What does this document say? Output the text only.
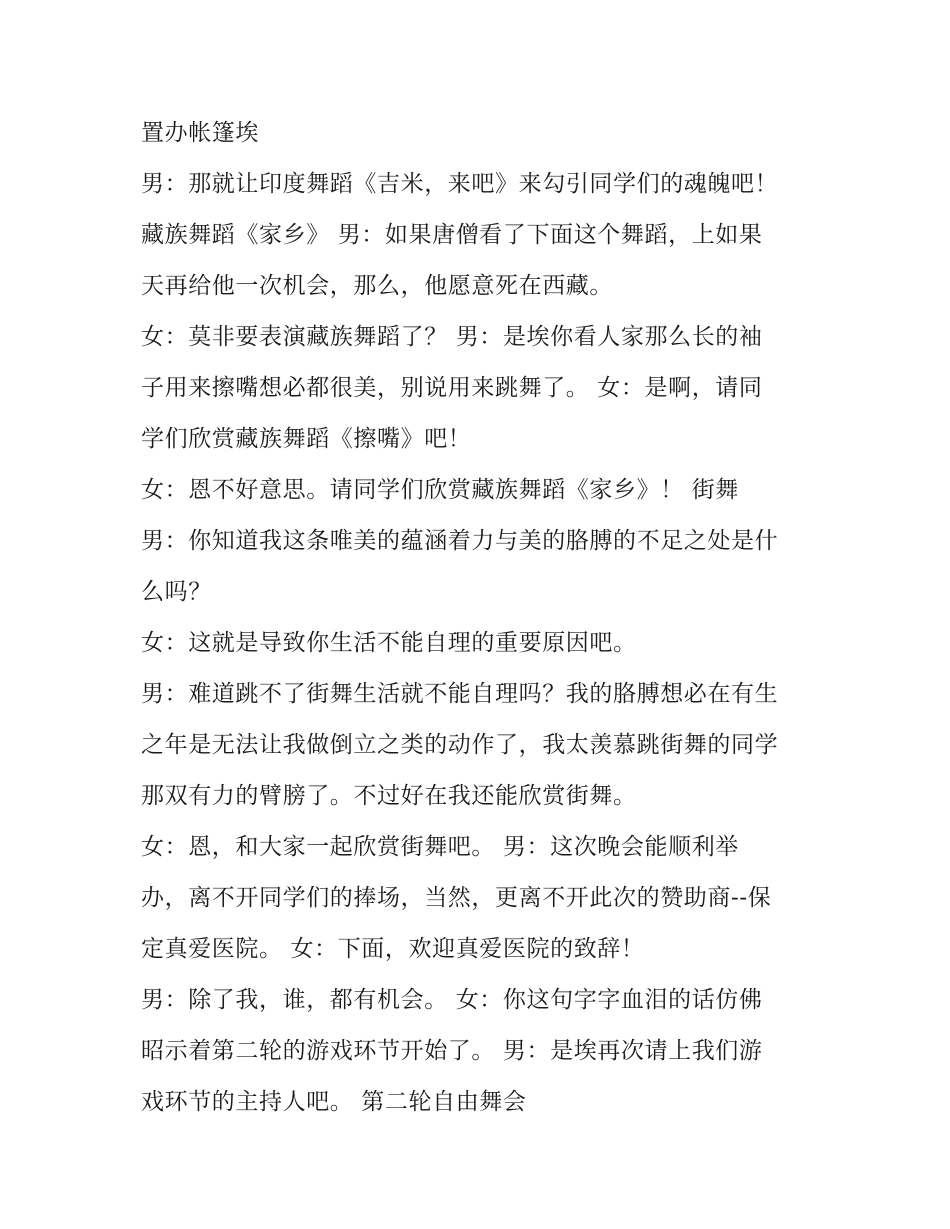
置办帐篷埃
男：那就让印度舞蹈《吉米，来吧》来勾引同学们的魂魄吧！
藏族舞蹈《家乡》 男：如果唐僧看了下面这个舞蹈，上如果
天再给他一次机会，那么，他愿意死在西藏。
女：莫非要表演藏族舞蹈了？ 男：是埃你看人家那么长的袖
子用来擦嘴想必都很美，别说用来跳舞了。 女：是啊，请同
学们欣赏藏族舞蹈《擦嘴》吧！
女：恩不好意思。请同学们欣赏藏族舞蹈《家乡》！ 街舞
男：你知道我这条唯美的蕴涵着力与美的胳膊的不足之处是什
么吗？
女：这就是导致你生活不能自理的重要原因吧。
男：难道跳不了街舞生活就不能自理吗？我的胳膊想必在有生
之年是无法让我做倒立之类的动作了，我太羡慕跳街舞的同学
那双有力的臂膀了。不过好在我还能欣赏街舞。
女：恩，和大家一起欣赏街舞吧。 男：这次晚会能顺利举
办，离不开同学们的捧场，当然，更离不开此次的赞助商--保
定真爱医院。 女：下面，欢迎真爱医院的致辞！
男：除了我，谁，都有机会。 女：你这句字字血泪的话仿佛
昭示着第二轮的游戏环节开始了。 男：是埃再次请上我们游
戏环节的主持人吧。 第二轮自由舞会
